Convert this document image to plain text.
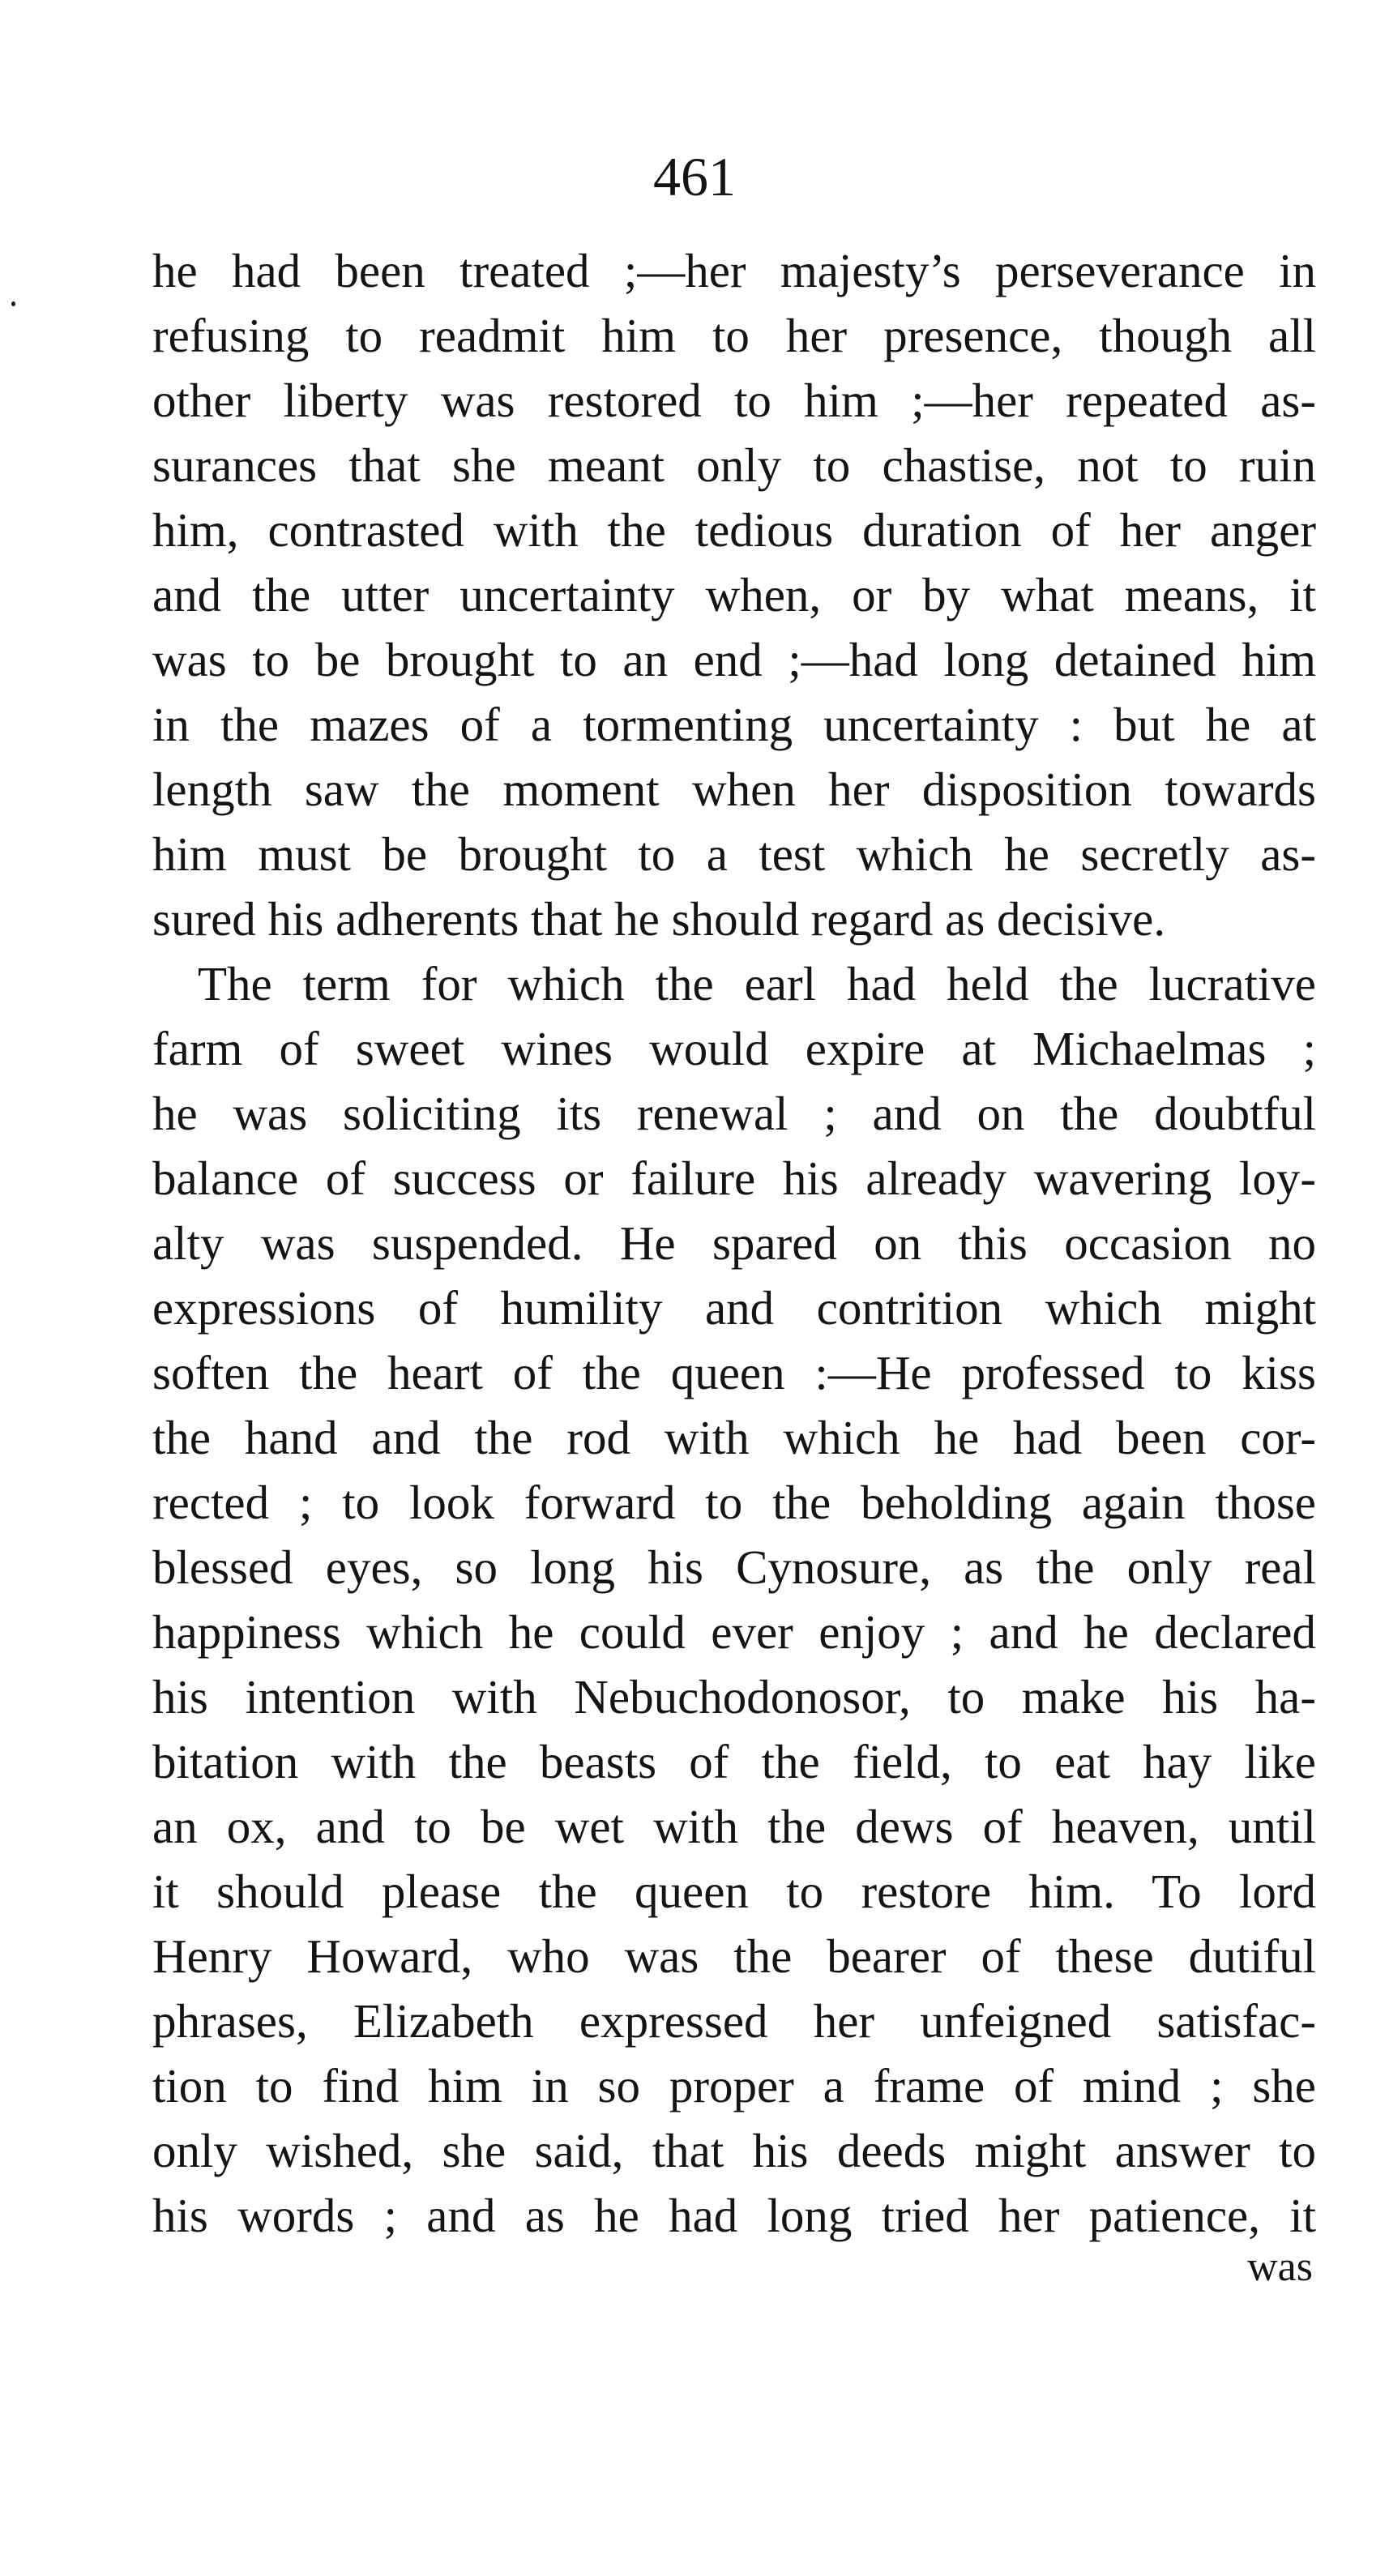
461
he had been treated ;—her majesty’s perseverance in
refusing to readmit him to her presence, though all
other liberty was restored to him ;—her repeated as-
surances that she meant only to chastise, not to ruin
him, contrasted with the tedious duration of her anger
and the utter uncertainty when, or by what means, it
was to be brought to an end ;—had long detained him
in the mazes of a tormenting uncertainty : but he at
length saw the moment when her disposition towards
him must be brought to a test which he secretly as-
sured his adherents that he should regard as decisive.
The term for which the earl had held the lucrative
farm of sweet wines would expire at Michaelmas ;
he was soliciting its renewal ; and on the doubtful
balance of success or failure his already wavering loy-
alty was suspended. He spared on this occasion no
expressions of humility and contrition which might
soften the heart of the queen :—He professed to kiss
the hand and the rod with which he had been cor-
rected ; to look forward to the beholding again those
blessed eyes, so long his Cynosure, as the only real
happiness which he could ever enjoy ; and he declared
his intention with Nebuchodonosor, to make his ha-
bitation with the beasts of the field, to eat hay like
an ox, and to be wet with the dews of heaven, until
it should please the queen to restore him. To lord
Henry Howard, who was the bearer of these dutiful
phrases, Elizabeth expressed her unfeigned satisfac-
tion to find him in so proper a frame of mind ; she
only wished, she said, that his deeds might answer to
his words ; and as he had long tried her patience, it
was
